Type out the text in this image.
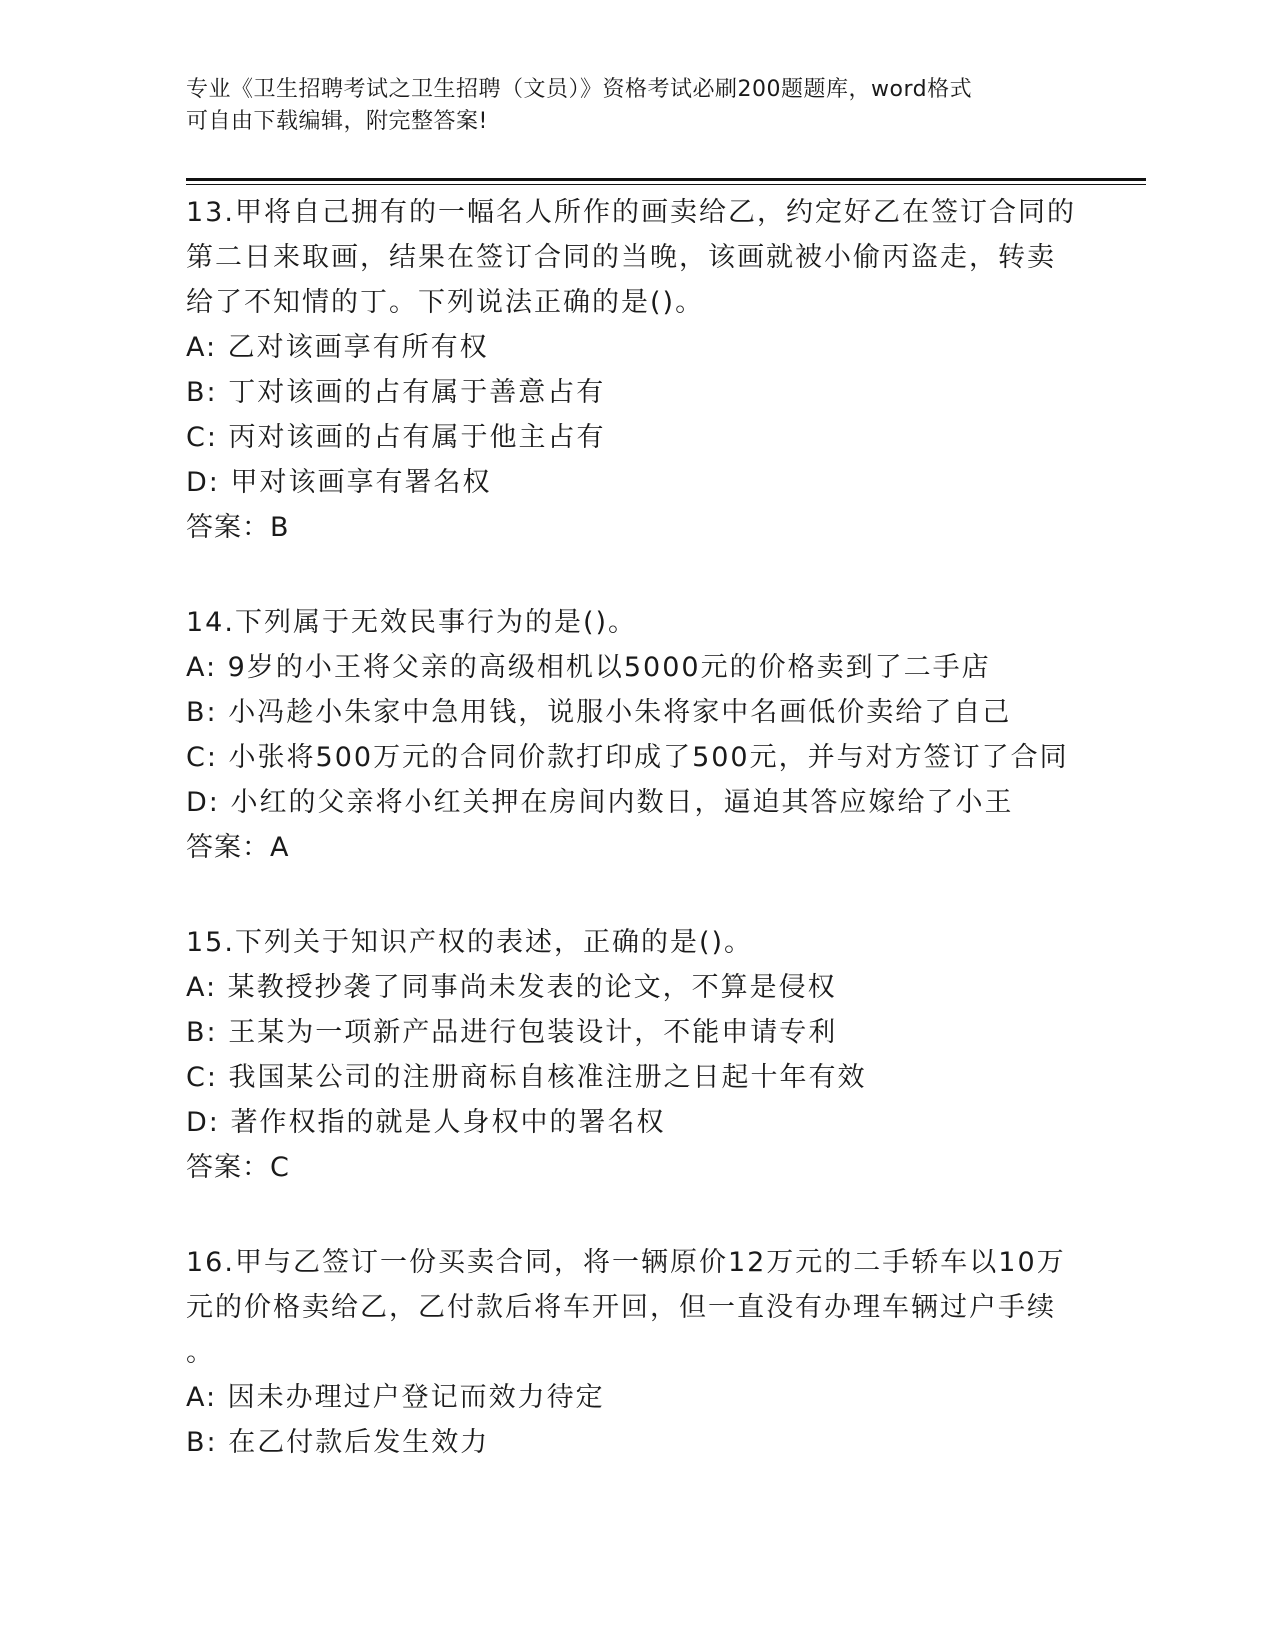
专业《卫生招聘考试之卫生招聘（文员）》资格考试必刷200题题库，word格式
可自由下载编辑，附完整答案!
13.甲将自己拥有的一幅名人所作的画卖给乙，约定好乙在签订合同的
第二日来取画，结果在签订合同的当晚，该画就被小偷丙盗走，转卖
给了不知情的丁。下列说法正确的是()。
A: 乙对该画享有所有权
B: 丁对该画的占有属于善意占有
C: 丙对该画的占有属于他主占有
D: 甲对该画享有署名权
答案：B
14.下列属于无效民事行为的是()。
A: 9岁的小王将父亲的高级相机以5000元的价格卖到了二手店
B: 小冯趁小朱家中急用钱，说服小朱将家中名画低价卖给了自己
C: 小张将500万元的合同价款打印成了500元，并与对方签订了合同
D: 小红的父亲将小红关押在房间内数日，逼迫其答应嫁给了小王
答案：A
15.下列关于知识产权的表述，正确的是()。
A: 某教授抄袭了同事尚未发表的论文，不算是侵权
B: 王某为一项新产品进行包装设计，不能申请专利
C: 我国某公司的注册商标自核准注册之日起十年有效
D: 著作权指的就是人身权中的署名权
答案：C
16.甲与乙签订一份买卖合同，将一辆原价12万元的二手轿车以10万
元的价格卖给乙，乙付款后将车开回，但一直没有办理车辆过户手续
。
A: 因未办理过户登记而效力待定
B: 在乙付款后发生效力
